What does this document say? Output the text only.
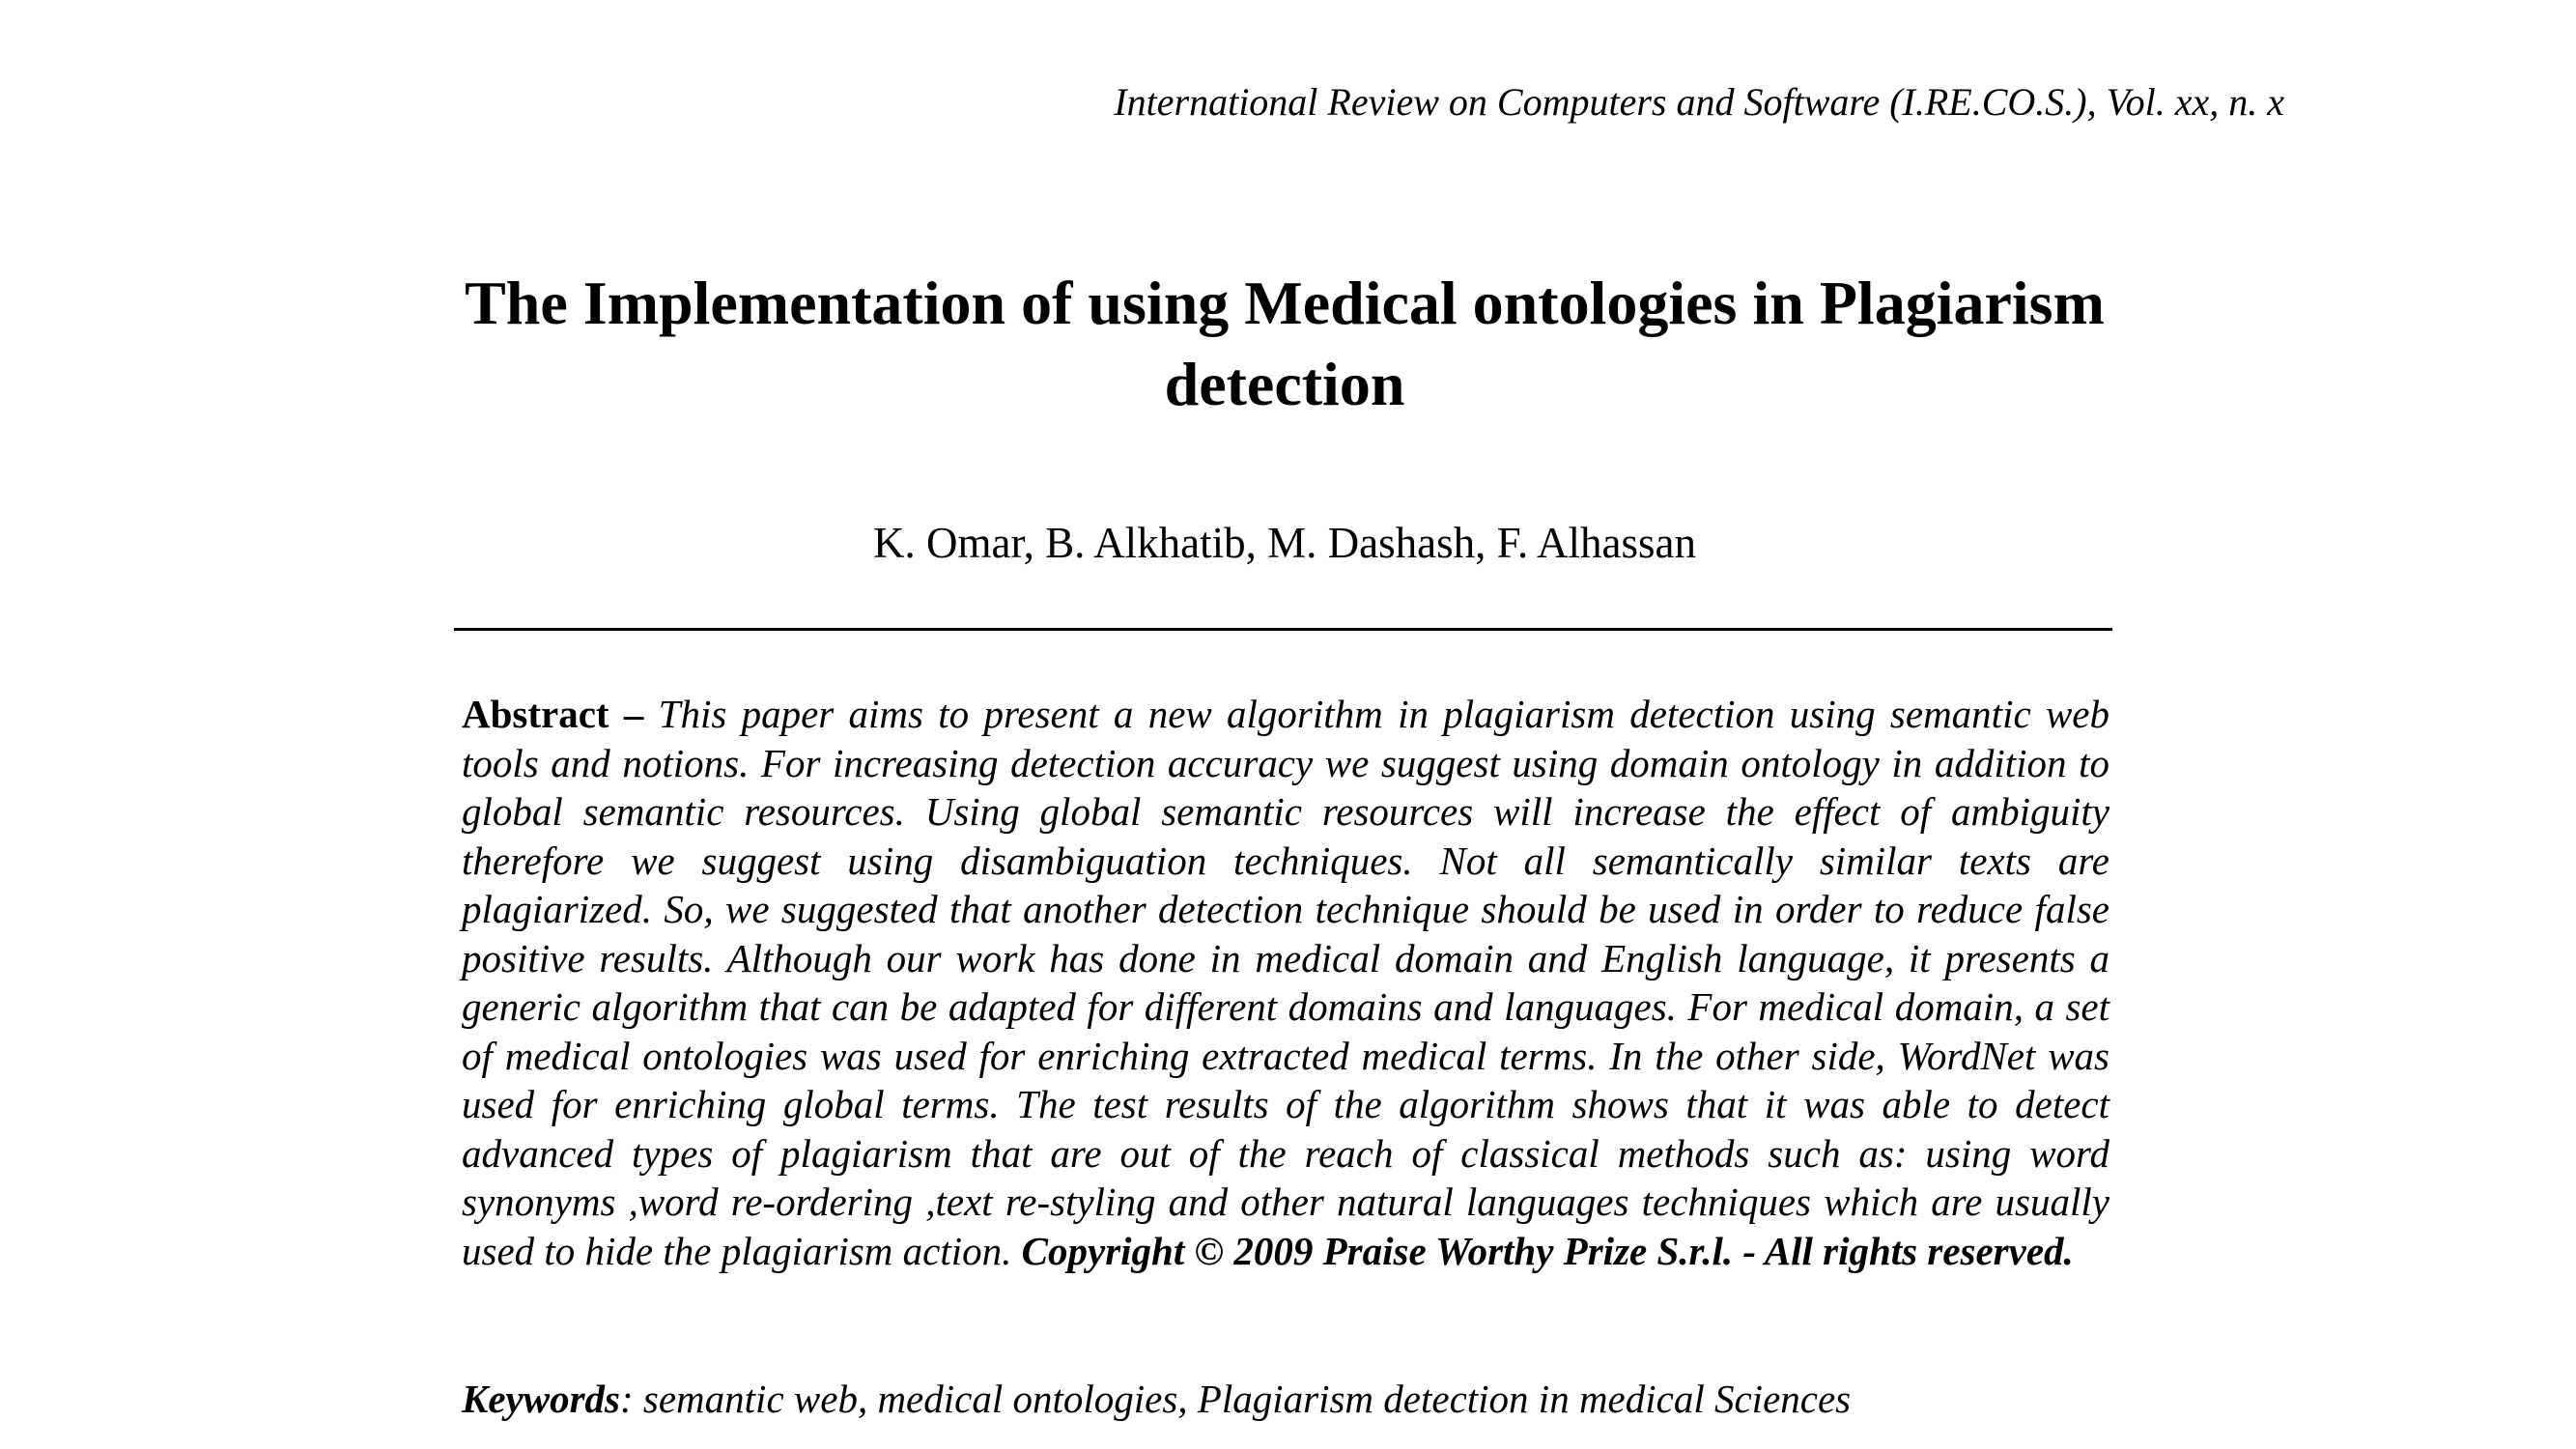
International Review on Computers and Software (I.RE.CO.S.), Vol. xx, n. x
The Implementation of using Medical ontologies in Plagiarism detection
K. Omar, B. Alkhatib, M. Dashash, F. Alhassan

Abstract – This paper aims to present a new algorithm in plagiarism detection using semantic web tools and notions. For increasing detection accuracy we suggest using domain ontology in addition to global semantic resources. Using global semantic resources will increase the effect of ambiguity therefore we suggest using disambiguation techniques. Not all semantically similar texts are plagiarized. So, we suggested that another detection technique should be used in order to reduce false positive results. Although our work has done in medical domain and English language, it presents a generic algorithm that can be adapted for different domains and languages. For medical domain, a set of medical ontologies was used for enriching extracted medical terms. In the other side, WordNet was used for enriching global terms. The test results of the algorithm shows that it was able to detect advanced types of plagiarism that are out of the reach of classical methods such as: using word synonyms ,word re-ordering ,text re-styling and other natural languages techniques which are usually used to hide the plagiarism action. Copyright © 2009 Praise Worthy Prize S.r.l. - All rights reserved.

Keywords: semantic web, medical ontologies, Plagiarism detection in medical Sciences
